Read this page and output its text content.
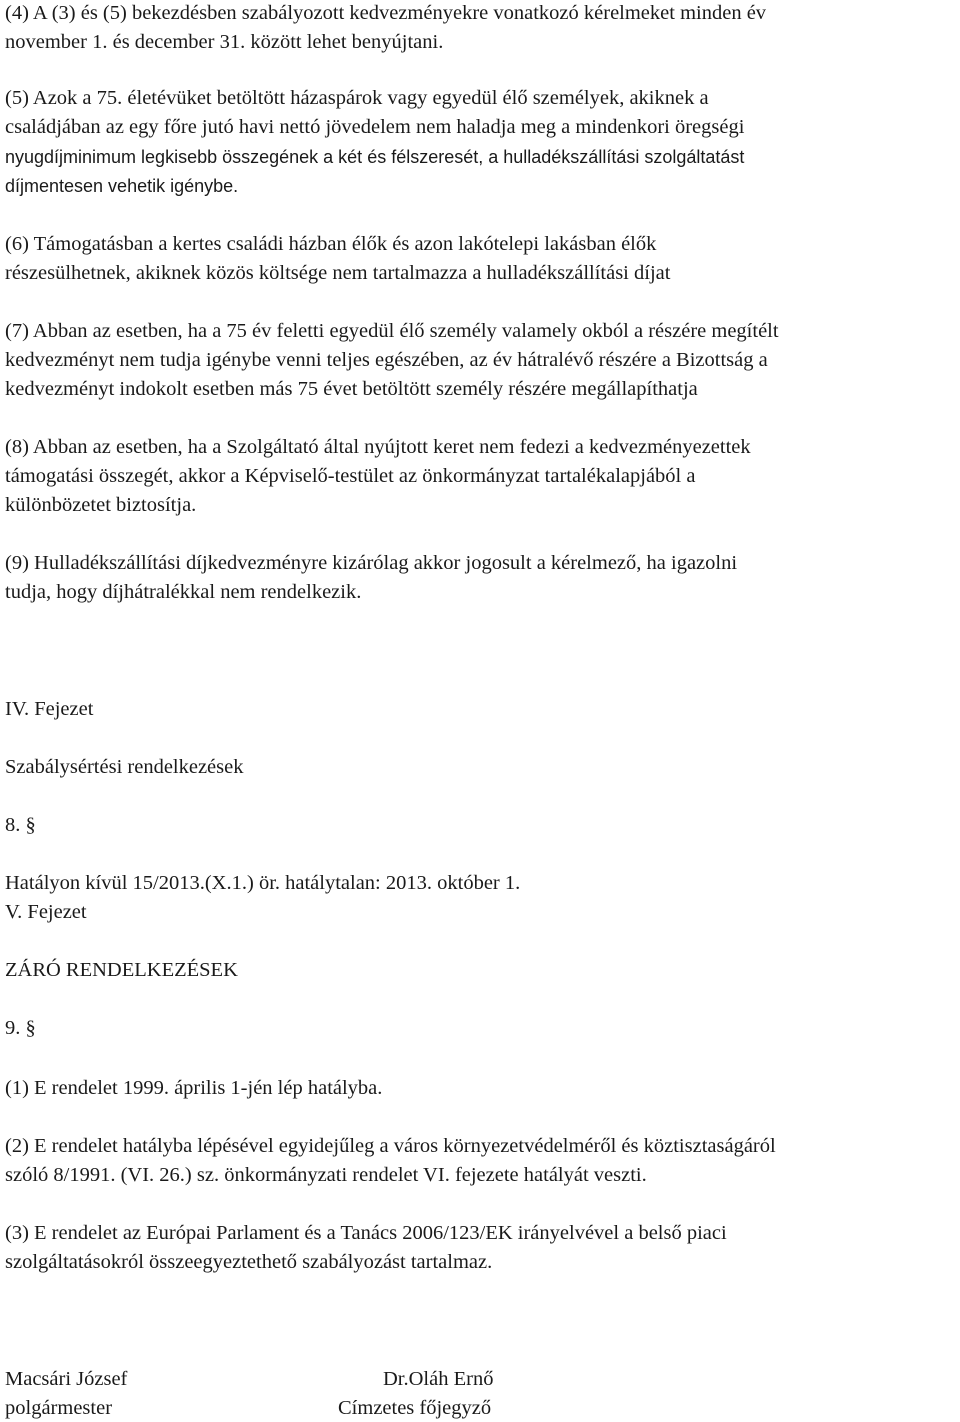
(4) A (3) és (5) bekezdésben szabályozott kedvezményekre vonatkozó kérelmeket minden év
november 1. és december 31. között lehet benyújtani.
(5) Azok a 75. életévüket betöltött házaspárok vagy egyedül élő személyek, akiknek a
családjában az egy főre jutó havi nettó jövedelem nem haladja meg a mindenkori öregségi
nyugdíjminimum legkisebb összegének a két és félszeresét, a hulladékszállítási szolgáltatást
díjmentesen vehetik igénybe.
(6) Támogatásban a kertes családi házban élők és azon lakótelepi lakásban élők
részesülhetnek, akiknek közös költsége nem tartalmazza a hulladékszállítási díjat
(7) Abban az esetben, ha a 75 év feletti egyedül élő személy valamely okból a részére megítélt
kedvezményt nem tudja igénybe venni teljes egészében, az év hátralévő részére a Bizottság a
kedvezményt indokolt esetben más 75 évet betöltött személy részére megállapíthatja
(8) Abban az esetben, ha a Szolgáltató által nyújtott keret nem fedezi a kedvezményezettek
támogatási összegét, akkor a Képviselő-testület az önkormányzat tartalékalapjából a
különbözetet biztosítja.
(9) Hulladékszállítási díjkedvezményre kizárólag akkor jogosult a kérelmező, ha igazolni
tudja, hogy díjhátralékkal nem rendelkezik.
IV. Fejezet
Szabálysértési rendelkezések
8. §
Hatályon kívül 15/2013.(X.1.) ör. hatálytalan: 2013. október 1.
V. Fejezet
ZÁRÓ RENDELKEZÉSEK
9. §
(1) E rendelet 1999. április 1-jén lép hatályba.
(2) E rendelet hatályba lépésével egyidejűleg a város környezetvédelméről és köztisztaságáról
szóló 8/1991. (VI. 26.) sz. önkormányzati rendelet VI. fejezete hatályát veszti.
(3) E rendelet az Európai Parlament és a Tanács 2006/123/EK irányelvével a belső piaci
szolgáltatásokról összeegyeztethető szabályozást tartalmaz.
Macsári József
polgármester
Dr.Oláh Ernő
Címzetes főjegyző
